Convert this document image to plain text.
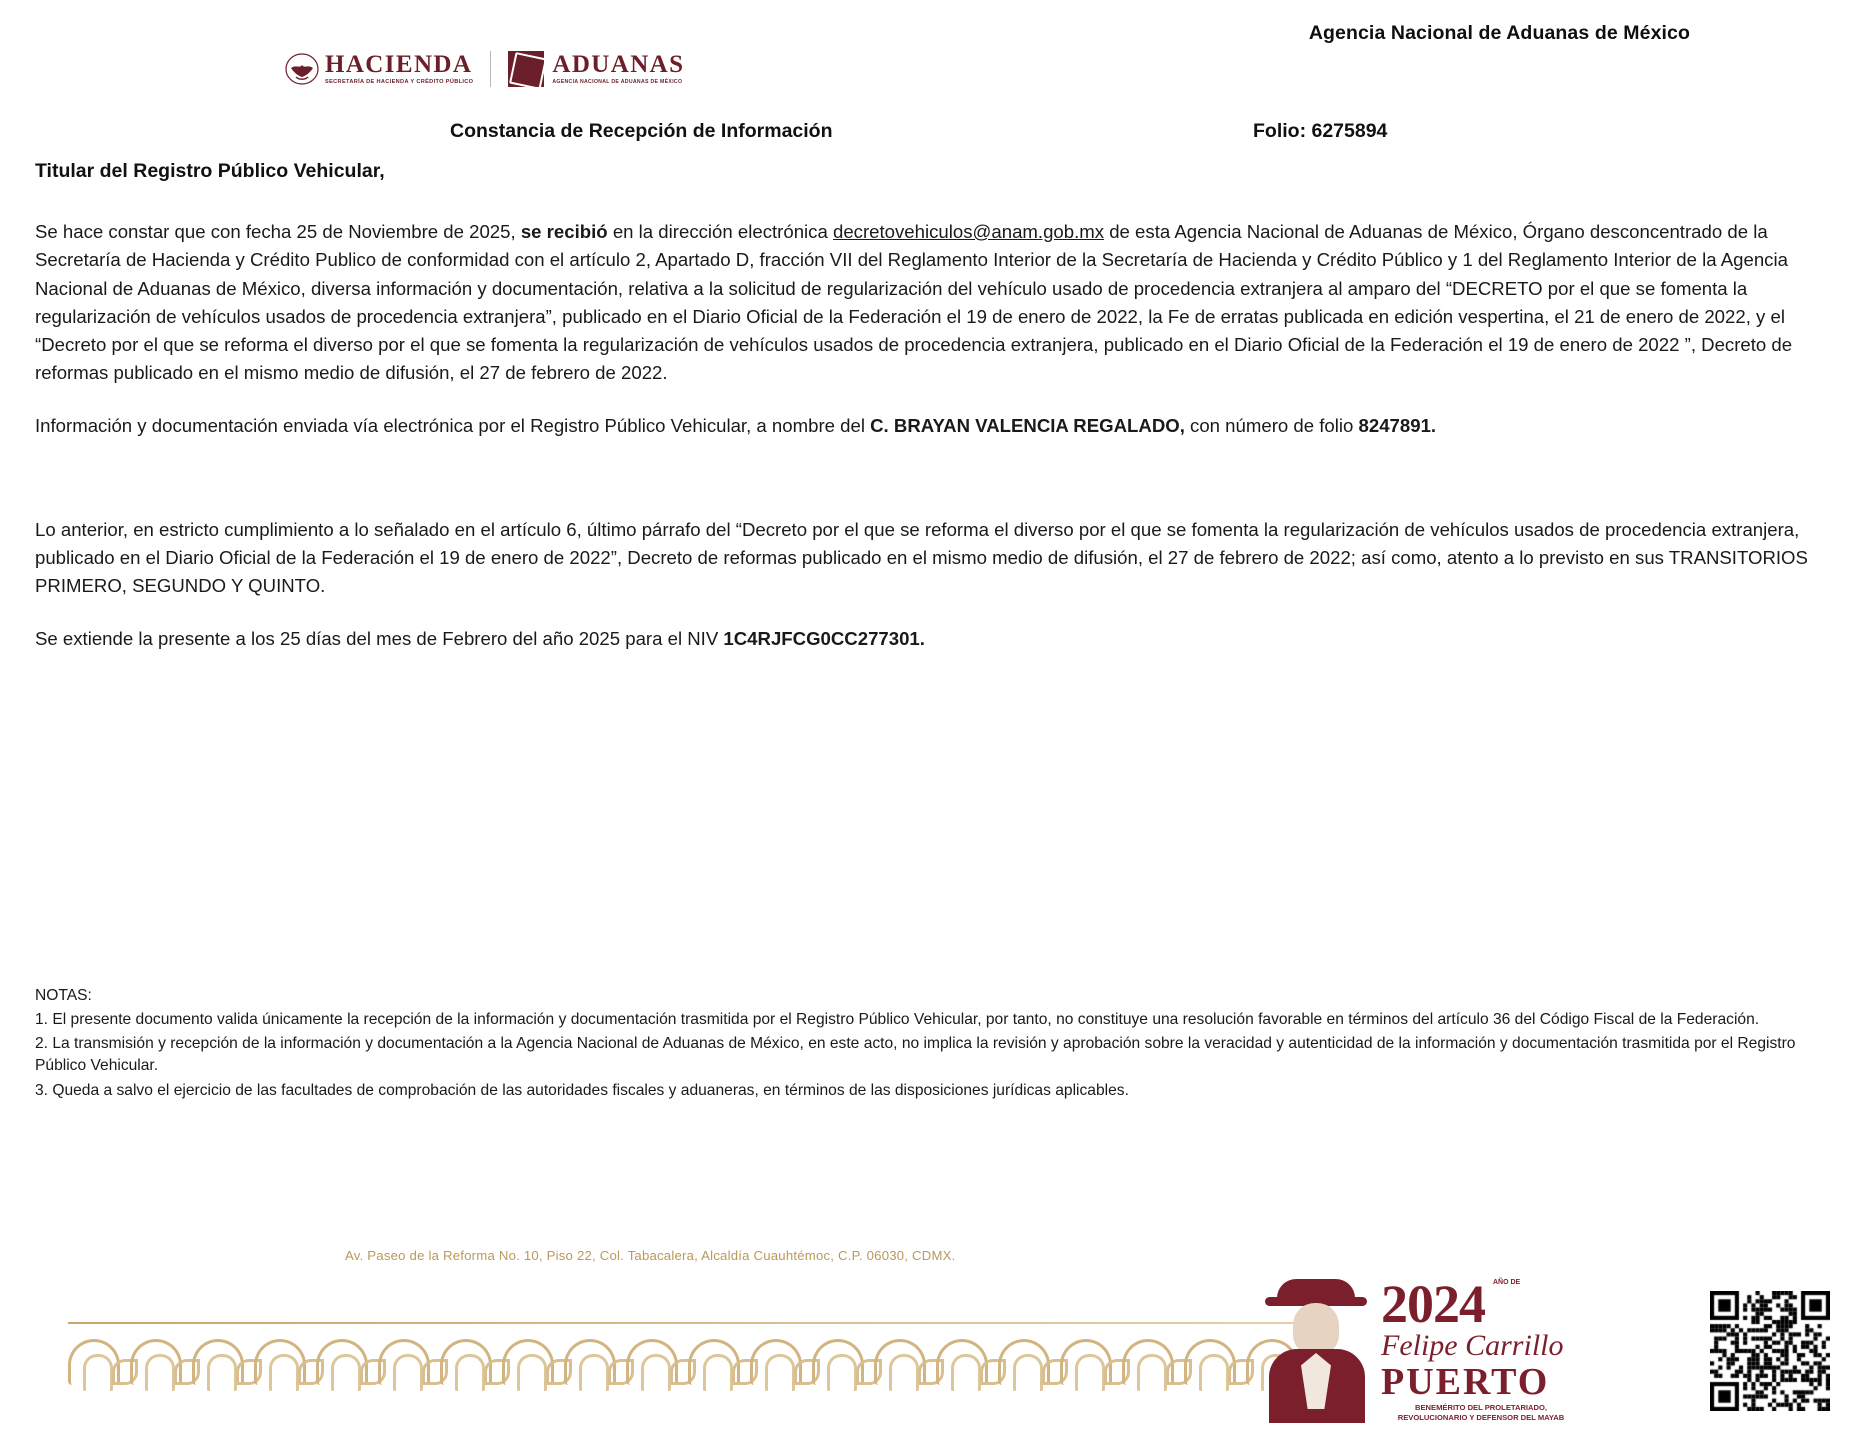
Agencia Nacional de Aduanas de México
HACIENDA
SECRETARÍA DE HACIENDA Y CRÉDITO PÚBLICO
ADUANAS
AGENCIA NACIONAL DE ADUANAS DE MÉXICO
Constancia de Recepción de Información	Folio: 6275894
Titular del Registro Público Vehicular,

Se hace constar que con fecha 25 de Noviembre de 2025, se recibió en la dirección electrónica decretovehiculos@anam.gob.mx de esta Agencia Nacional de Aduanas de México, Órgano desconcentrado de la Secretaría de Hacienda y Crédito Publico de conformidad con el artículo 2, Apartado D, fracción VII del Reglamento Interior de la Secretaría de Hacienda y Crédito Público y 1 del Reglamento Interior de la Agencia Nacional de Aduanas de México, diversa información y documentación, relativa a la solicitud de regularización del vehículo usado de procedencia extranjera al amparo del “DECRETO por el que se fomenta la regularización de vehículos usados de procedencia extranjera”, publicado en el Diario Oficial de la Federación el 19 de enero de 2022, la Fe de erratas publicada en edición vespertina, el 21 de enero de 2022, y el “Decreto por el que se reforma el diverso por el que se fomenta la regularización de vehículos usados de procedencia extranjera, publicado en el Diario Oficial de la Federación el 19 de enero de 2022 ”, Decreto de reformas publicado en el mismo medio de difusión, el 27 de febrero de 2022.

Información y documentación enviada vía electrónica por el Registro Público Vehicular, a nombre del C. BRAYAN VALENCIA REGALADO, con número de folio 8247891.

Lo anterior, en estricto cumplimiento a lo señalado en el artículo 6, último párrafo del “Decreto por el que se reforma el diverso por el que se fomenta la regularización de vehículos usados de procedencia extranjera, publicado en el Diario Oficial de la Federación el 19 de enero de 2022”, Decreto de reformas publicado en el mismo medio de difusión, el 27 de febrero de 2022; así como, atento a lo previsto en sus TRANSITORIOS PRIMERO, SEGUNDO Y QUINTO.

Se extiende la presente a los 25 días del mes de Febrero del año 2025 para el NIV 1C4RJFCG0CC277301.

NOTAS:
1. El presente documento valida únicamente la recepción de la información y documentación trasmitida por el Registro Público Vehicular, por tanto, no constituye una resolución favorable en términos del artículo 36 del Código Fiscal de la Federación.
2. La transmisión y recepción de la información y documentación a la Agencia Nacional de Aduanas de México, en este acto, no implica la revisión y aprobación sobre la veracidad y autenticidad de la información y documentación trasmitida por el Registro Público Vehicular.
3. Queda a salvo el ejercicio de las facultades de comprobación de las autoridades fiscales y aduaneras, en términos de las disposiciones jurídicas aplicables.
Av. Paseo de la Reforma No. 10, Piso 22, Col. Tabacalera, Alcaldía Cuauhtémoc, C.P. 06030, CDMX.
2024 AÑO DE
Felipe Carrillo
PUERTO
BENEMÉRITO DEL PROLETARIADO, REVOLUCIONARIO Y DEFENSOR DEL MAYAB
